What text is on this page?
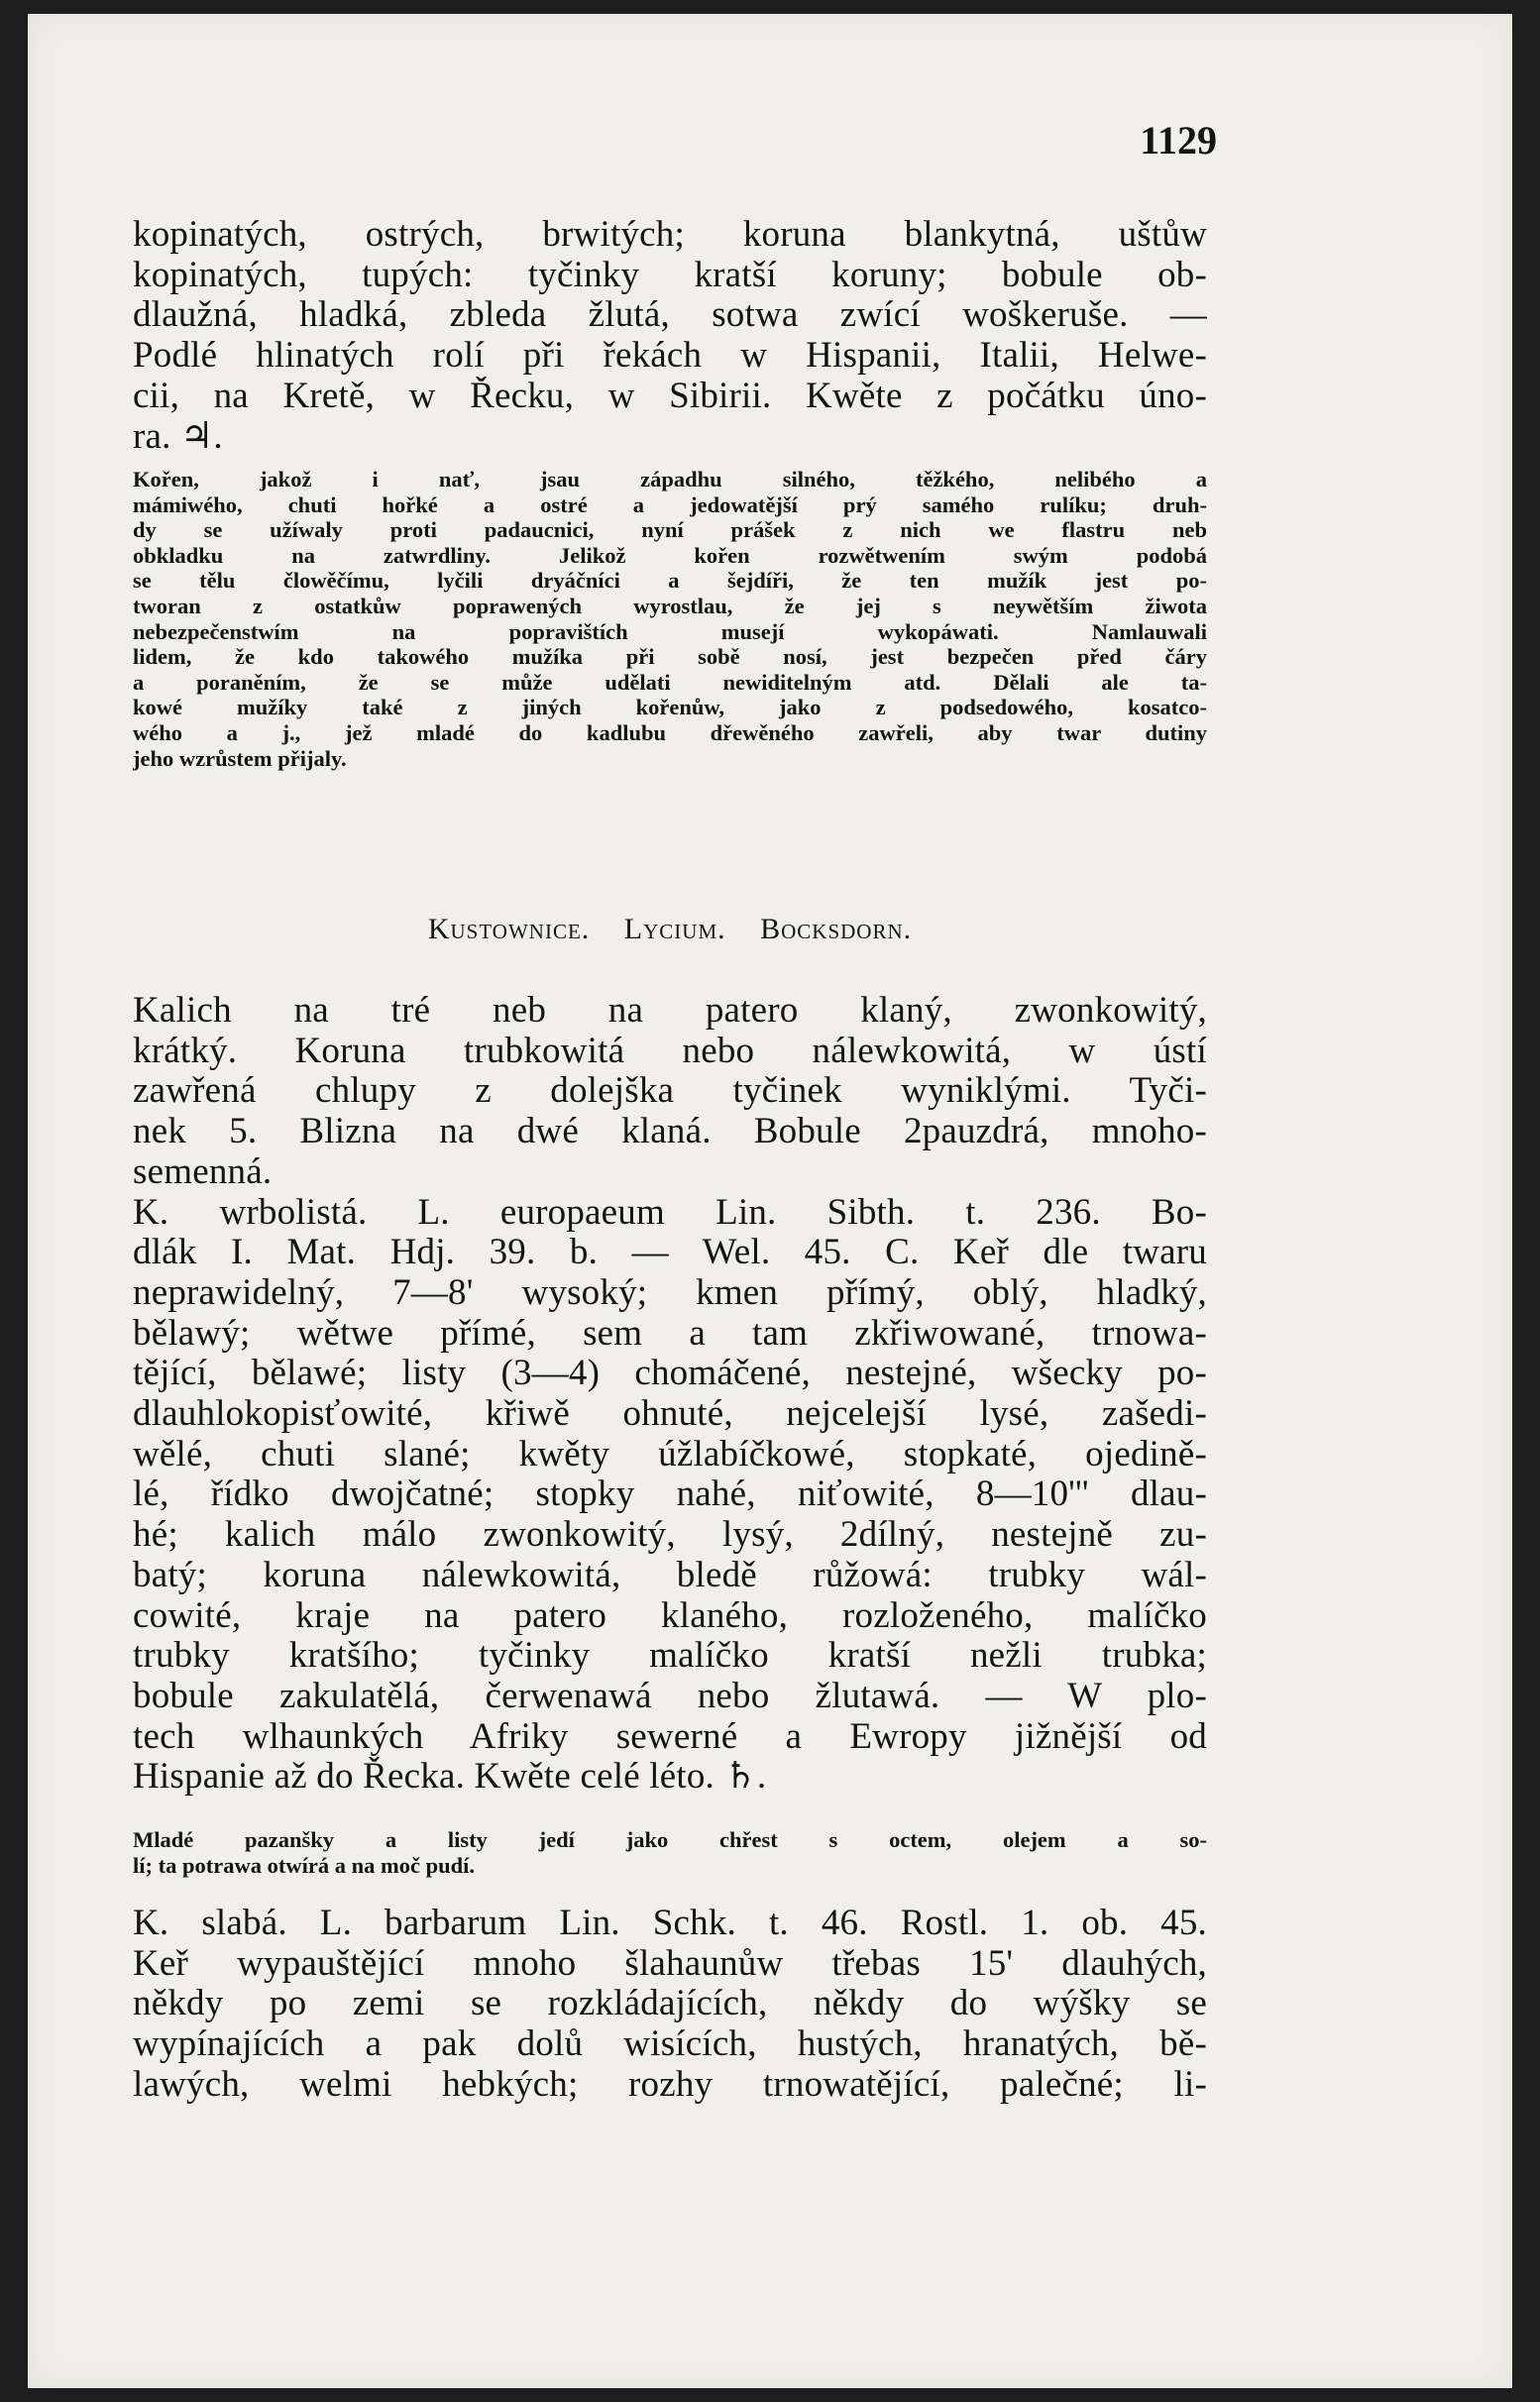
1129
kopinatých, ostrých, brwitých; koruna blankytná, uštůw
kopinatých, tupých: tyčinky kratší koruny; bobule ob-
dlaužná, hladká, zbleda žlutá, sotwa zwící woškeruše. —
Podlé hlinatých rolí při řekách w Hispanii, Italii, Helwe-
cii, na Kretě, w Řecku, w Sibirii. Kwěte z počátku úno-
ra. ♃.
Kořen, jakož i nať, jsau západhu silného, těžkého, nelibého a
mámiwého, chuti hořké a ostré a jedowatější prý samého rulíku; druh-
dy se užíwaly proti padaucnici, nyní prášek z nich we flastru neb
obkladku na zatwrdliny. Jelikož kořen rozwětwením swým podobá
se tělu člowěčímu, lyčili dryáčníci a šejdíři, že ten mužík jest po-
tworan z ostatkůw poprawených wyrostlau, že jej s neywětším žiwota
nebezpečenstwím na popravištích musejí wykopáwati. Namlauwali
lidem, že kdo takowého mužíka při sobě nosí, jest bezpečen před čáry
a poraněním, že se může udělati newiditelným atd. Dělali ale ta-
kowé mužíky také z jiných kořenůw, jako z podsedowého, kosatco-
wého a j., jež mladé do kadlubu dřewěného zawřeli, aby twar dutiny
jeho wzrůstem přijaly.
Kustownice. Lycium. Bocksdorn.
Kalich na tré neb na patero klaný, zwonkowitý,
krátký. Koruna trubkowitá nebo nálewkowitá, w ústí
zawřená chlupy z dolejška tyčinek wyniklými. Tyči-
nek 5. Blizna na dwé klaná. Bobule 2pauzdrá, mnoho-
semenná.
K. wrbolistá. L. europaeum Lin. Sibth. t. 236. Bo-
dlák I. Mat. Hdj. 39. b. — Wel. 45. C. Keř dle twaru
neprawidelný, 7—8' wysoký; kmen přímý, oblý, hladký,
bělawý; wětwe přímé, sem a tam zkřiwowané, trnowa-
tějící, bělawé; listy (3—4) chomáčené, nestejné, wšecky po-
dlauhlokopisťowité, křiwě ohnuté, nejcelejší lysé, zašedi-
wělé, chuti slané; kwěty úžlabíčkowé, stopkaté, ojedině-
lé, řídko dwojčatné; stopky nahé, niťowité, 8—10''' dlau-
hé; kalich málo zwonkowitý, lysý, 2dílný, nestejně zu-
batý; koruna nálewkowitá, bledě růžowá: trubky wál-
cowité, kraje na patero klaného, rozloženého, malíčko
trubky kratšího; tyčinky malíčko kratší nežli trubka;
bobule zakulatělá, čerwenawá nebo žlutawá. — W plo-
tech wlhaunkých Afriky sewerné a Ewropy jižnější od
Hispanie až do Řecka. Kwěte celé léto. ♄.
Mladé pazanšky a listy jedí jako chřest s octem, olejem a so-
lí; ta potrawa otwírá a na moč pudí.
K. slabá. L. barbarum Lin. Schk. t. 46. Rostl. 1. ob. 45.
Keř wypauštějící mnoho šlahaunůw třebas 15' dlauhých,
někdy po zemi se rozkládajících, někdy do wýšky se
wypínajících a pak dolů wisících, hustých, hranatých, bě-
lawých, welmi hebkých; rozhy trnowatějící, palečné; li-
